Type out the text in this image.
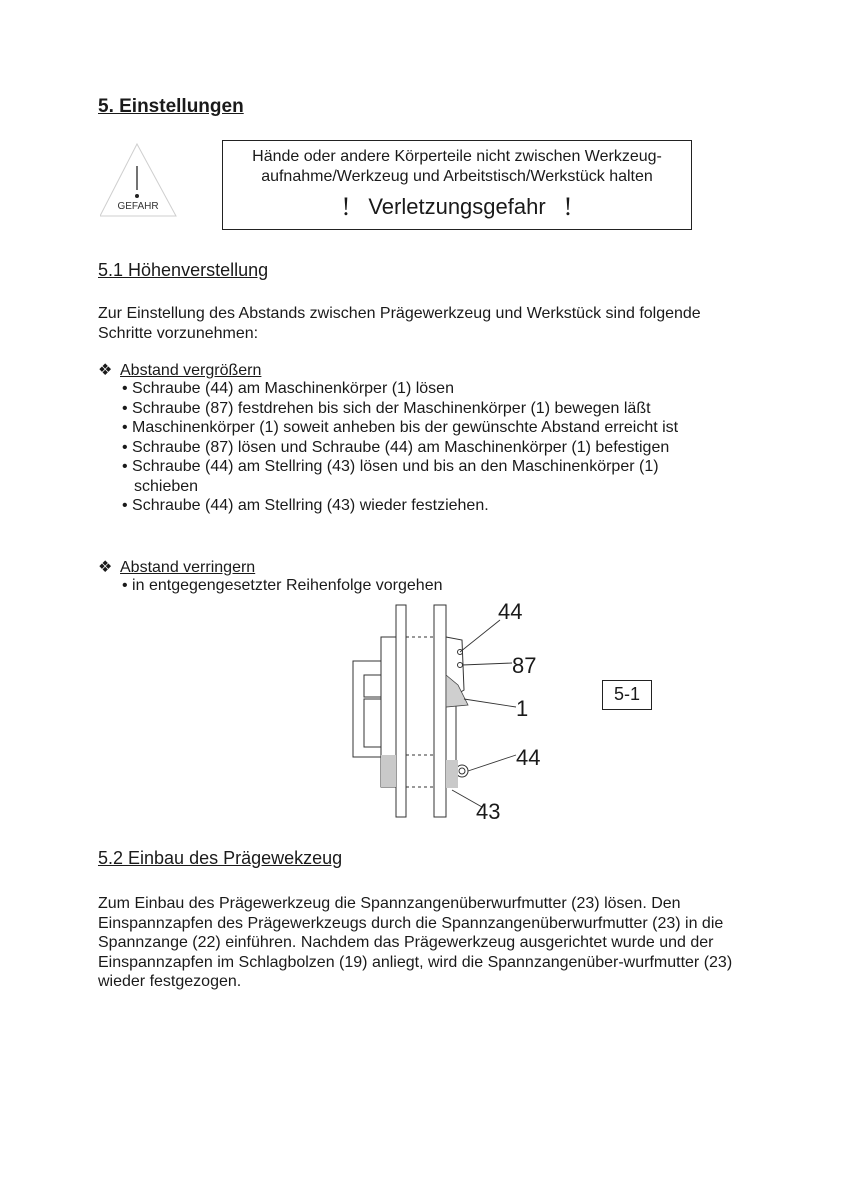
5. Einstellungen
GEFAHR
Hände oder andere Körperteile nicht zwischen Werkzeug-
aufnahme/Werkzeug und Arbeitstisch/Werkstück halten
! Verletzungsgefahr !
5.1 Höhenverstellung
Zur Einstellung des Abstands zwischen Prägewerkzeug und Werkstück sind folgende Schritte vorzunehmen:
❖ Abstand vergrößern
• Schraube (44) am Maschinenkörper (1) lösen
• Schraube (87) festdrehen bis sich der Maschinenkörper (1) bewegen läßt
• Maschinenkörper (1) soweit anheben bis der gewünschte Abstand erreicht ist
• Schraube (87) lösen und Schraube (44) am Maschinenkörper (1) befestigen
• Schraube (44) am Stellring (43) lösen und bis an den Maschinenkörper (1) schieben
• Schraube (44) am Stellring (43) wieder festziehen.
❖ Abstand verringern
• in entgegengesetzter Reihenfolge vorgehen
44
87
1
44
43
5-1
5.2 Einbau des Prägewekzeug
Zum Einbau des Prägewerkzeug die Spannzangenüberwurfmutter (23) lösen. Den Einspannzapfen des Prägewerkzeugs durch die Spannzangenüberwurfmutter (23) in die Spannzange (22) einführen. Nachdem das Prägewerkzeug ausgerichtet wurde und der Einspannzapfen im Schlagbolzen (19) anliegt, wird die Spannzangenüber-wurfmutter (23) wieder festgezogen.
